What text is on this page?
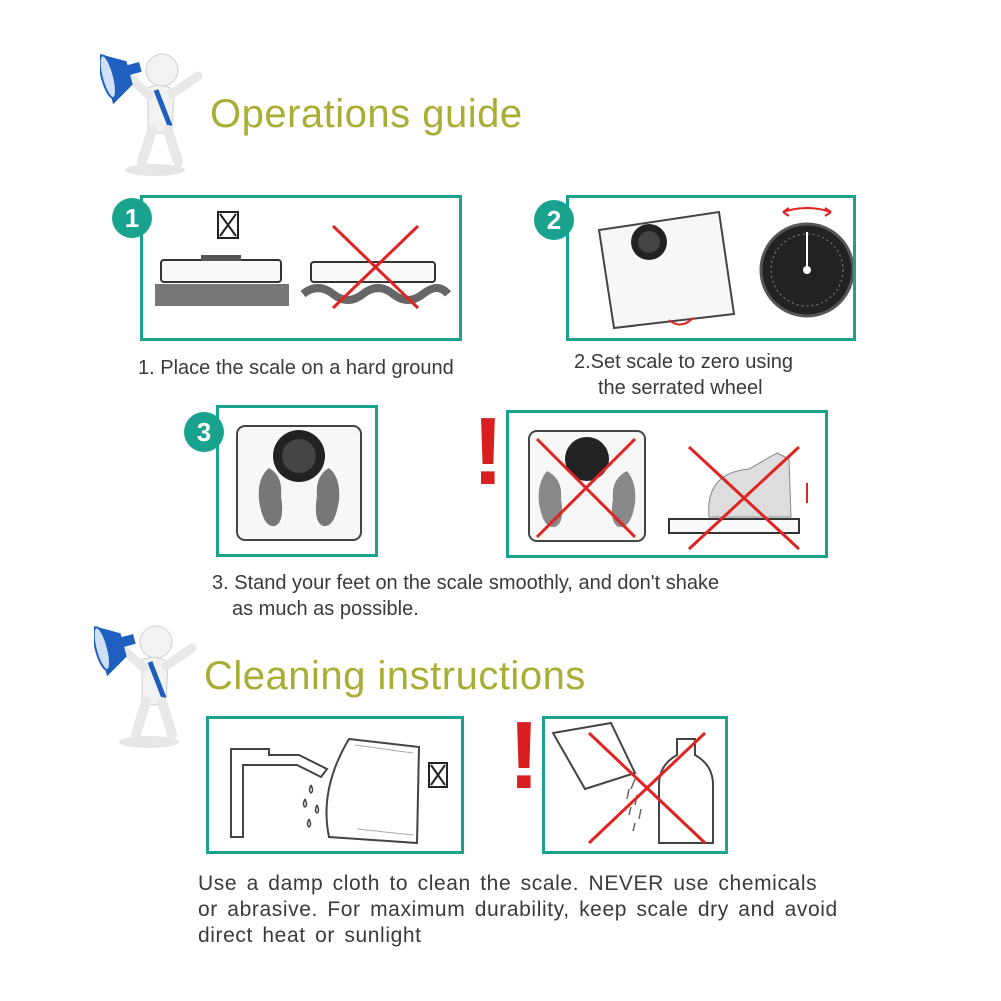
Operations guide
1
1. Place the scale on a hard ground
2
2.Set scale to zero using
the serrated wheel
3	!
3. Stand your feet on the scale smoothly, and don't shake
as much as possible.
Cleaning instructions
!
Use a damp cloth to clean the scale. NEVER use chemicals
or abrasive. For maximum durability, keep scale dry and avoid
direct heat or sunlight
